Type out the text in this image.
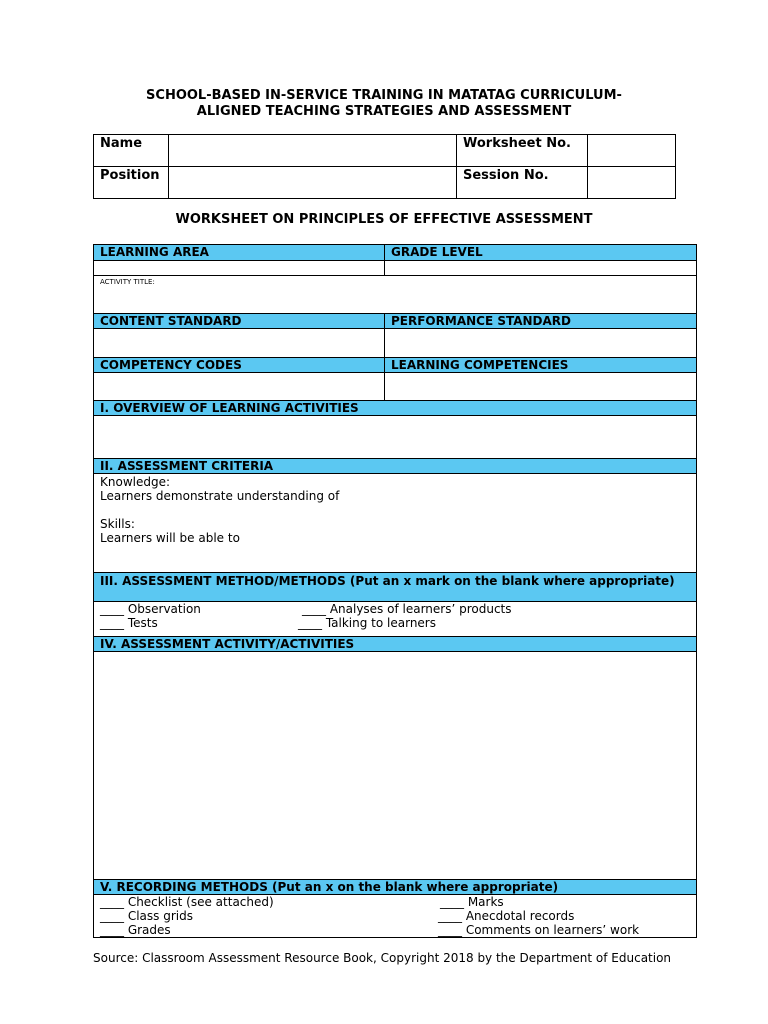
SCHOOL-BASED IN-SERVICE TRAINING IN MATATAG CURRICULUM-
ALIGNED TEACHING STRATEGIES AND ASSESSMENT
Name		Worksheet No.	
Position		Session No.	
WORKSHEET ON PRINCIPLES OF EFFECTIVE ASSESSMENT
LEARNING AREA	GRADE LEVEL

ACTIVITY TITLE:	
CONTENT STANDARD	PERFORMANCE STANDARD

COMPETENCY CODES	LEARNING COMPETENCIES

I. OVERVIEW OF LEARNING ACTIVITIES	

II. ASSESSMENT CRITERIA	

Knowledge:
Learners demonstrate understanding of
Skills:
Learners will be able to	

III. ASSESSMENT METHOD/METHODS (Put an x mark on the blank where appropriate)	

____ Observation ____ Analyses of learners’ products
____ Tests ____ Talking to learners	

IV. ASSESSMENT ACTIVITY/ACTIVITIES	

V. RECORDING METHODS (Put an x on the blank where appropriate)	

____ Checklist (see attached) ____ Marks
____ Class grids ____ Anecdotal records
____ Grades ____ Comments on learners’ work	
Source: Classroom Assessment Resource Book, Copyright 2018 by the Department of Education
